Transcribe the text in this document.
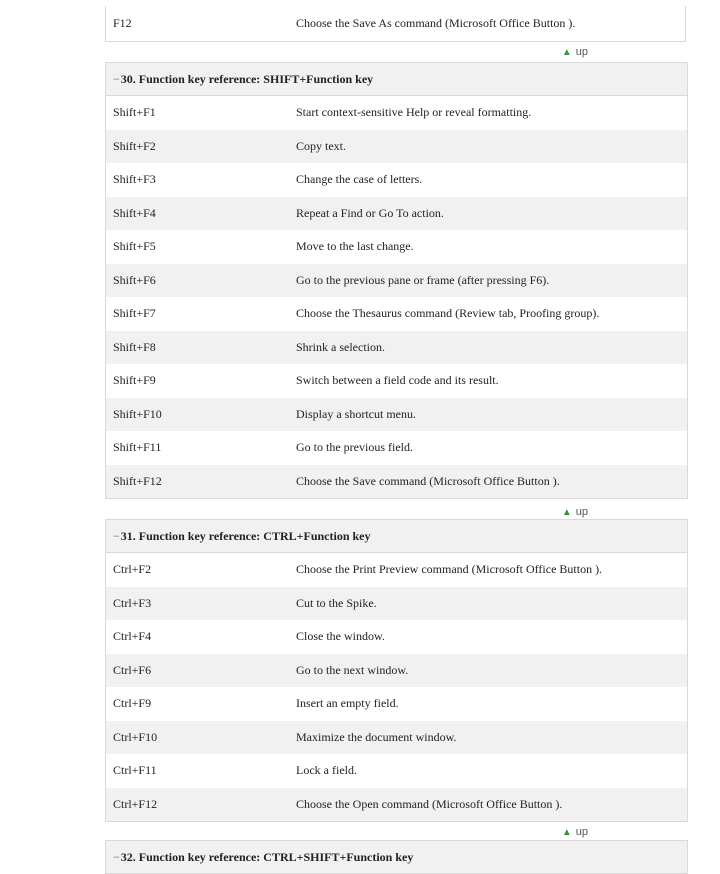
F12	Choose the Save As command (Microsoft Office Button ).
▲ up
− 30. Function key reference: SHIFT+Function key
Shift+F1	Start context-sensitive Help or reveal formatting.
Shift+F2	Copy text.
Shift+F3	Change the case of letters.
Shift+F4	Repeat a Find or Go To action.
Shift+F5	Move to the last change.
Shift+F6	Go to the previous pane or frame (after pressing F6).
Shift+F7	Choose the Thesaurus command (Review tab, Proofing group).
Shift+F8	Shrink a selection.
Shift+F9	Switch between a field code and its result.
Shift+F10	Display a shortcut menu.
Shift+F11	Go to the previous field.
Shift+F12	Choose the Save command (Microsoft Office Button ).
▲ up
− 31. Function key reference: CTRL+Function key
Ctrl+F2	Choose the Print Preview command (Microsoft Office Button ).
Ctrl+F3	Cut to the Spike.
Ctrl+F4	Close the window.
Ctrl+F6	Go to the next window.
Ctrl+F9	Insert an empty field.
Ctrl+F10	Maximize the document window.
Ctrl+F11	Lock a field.
Ctrl+F12	Choose the Open command (Microsoft Office Button ).
▲ up
− 32. Function key reference: CTRL+SHIFT+Function key
